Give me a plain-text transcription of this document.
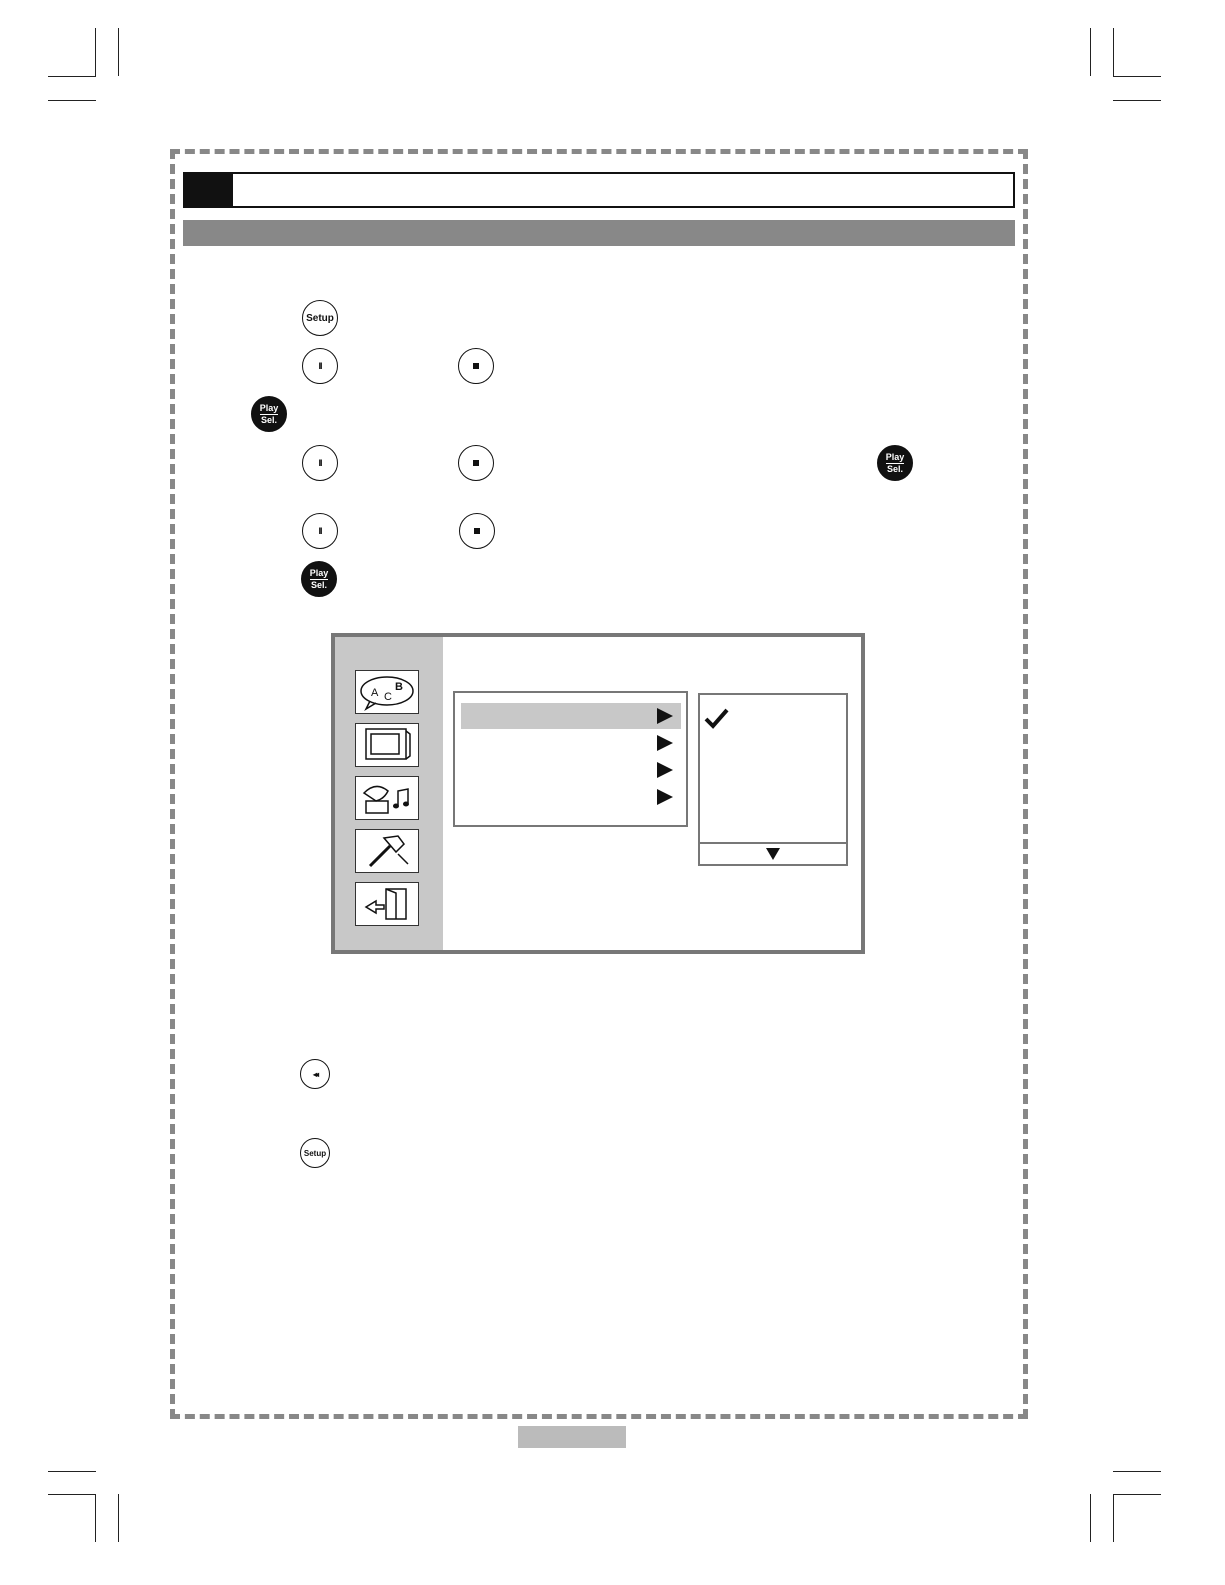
Setup
II
Play
Sel.
II
Play
Sel.
II
Play
Sel.
A C
B
◂◂
Setup
